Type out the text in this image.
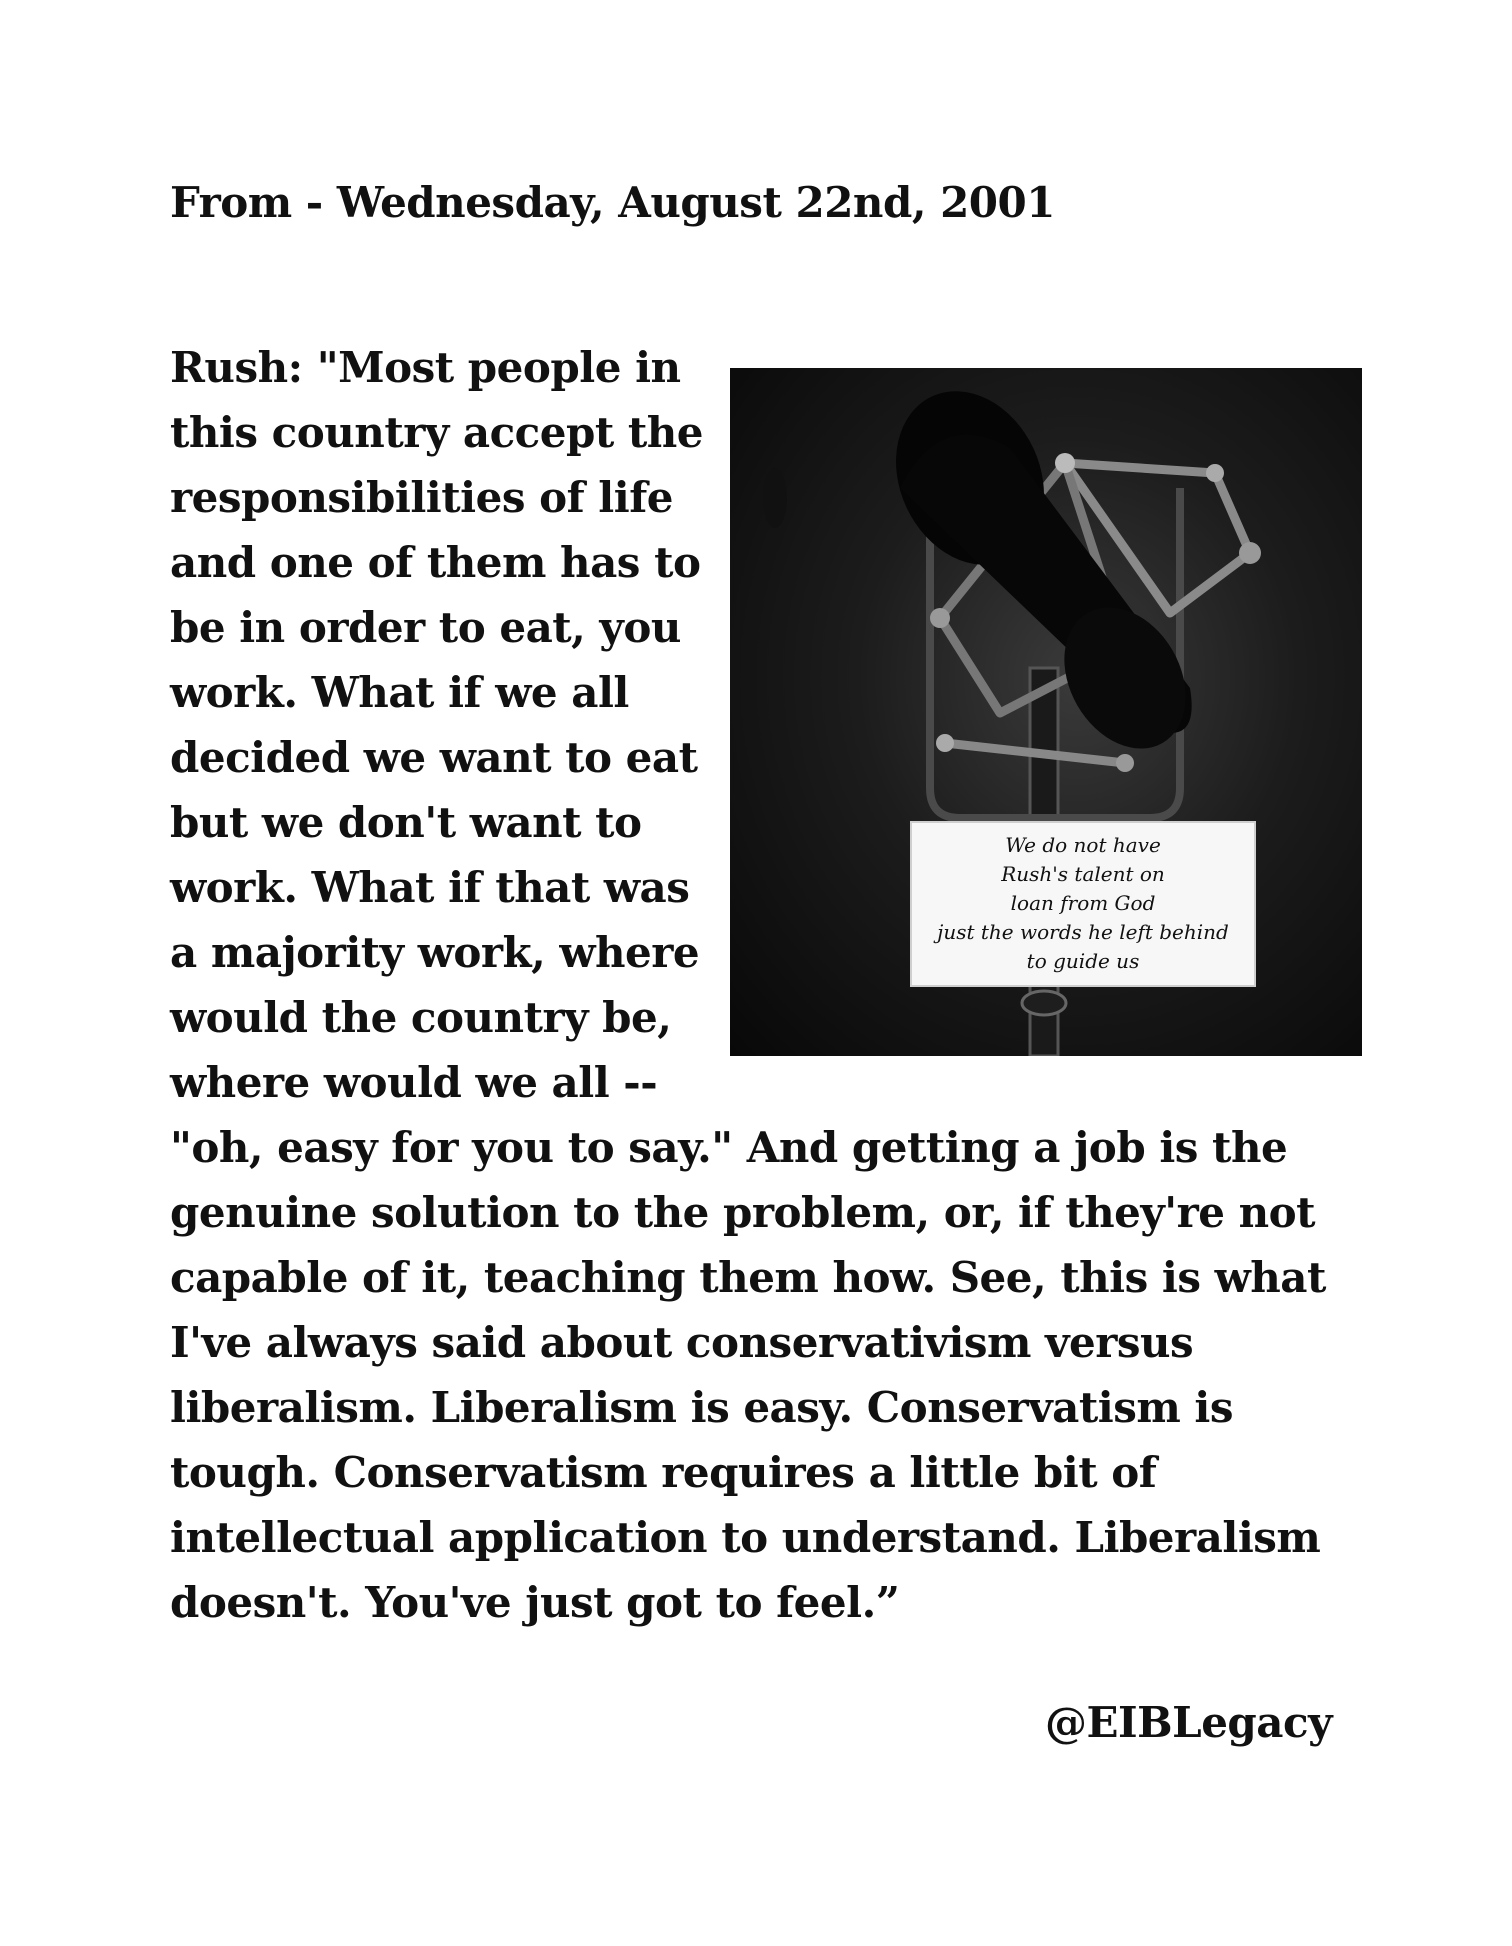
From - Wednesday, August 22nd, 2001
Rush: "Most people in
this country accept the
responsibilities of life
and one of them has to
be in order to eat, you
work. What if we all
decided we want to eat
but we don't want to
work. What if that was
a majority work, where
would the country be,
where would we all --
We do not have
Rush's talent on
loan from God
just the words he left behind
to guide us
"oh, easy for you to say." And getting a job is the
genuine solution to the problem, or, if they're not
capable of it, teaching them how. See, this is what
I've always said about conservativism versus
liberalism. Liberalism is easy. Conservatism is
tough. Conservatism requires a little bit of
intellectual application to understand. Liberalism
doesn't. You've just got to feel.”
@EIBLegacy
